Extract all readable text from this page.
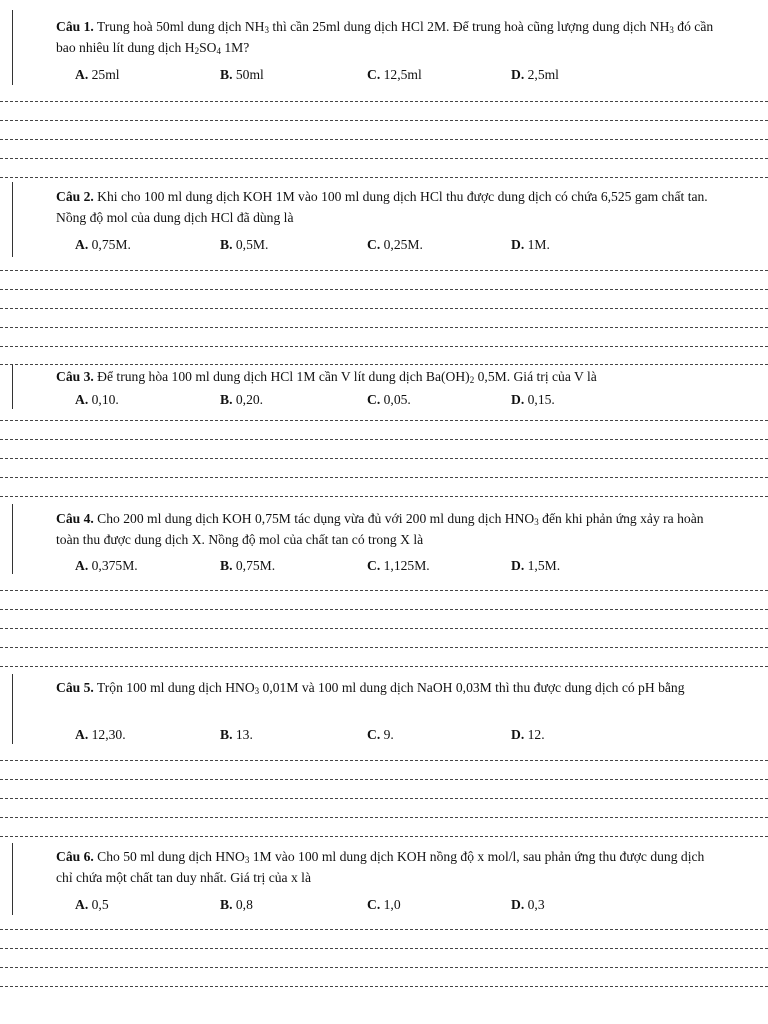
Câu 1. Trung hoà 50ml dung dịch $NH_3$ thì cần 25ml dung dịch HCl 2M. Để trung hoà cũng lượng dung dịch $NH_3$ đó cần bao nhiêu lít dung dịch $H_2SO_4$ 1M?
A. 25ml	B. 50ml	C. 12,5ml	D. 2,5ml
Câu 2. Khi cho 100 ml dung dịch KOH 1M vào 100 ml dung dịch HCl thu được dung dịch có chứa 6,525 gam chất tan. Nồng độ mol của dung dịch HCl đã dùng là
A. 0,75M.	B. 0,5M.	C. 0,25M.	D. 1M.
Câu 3. Để trung hòa 100 ml dung dịch HCl 1M cần V lít dung dịch $Ba(OH)_2$ 0,5M. Giá trị của V là
A. 0,10.	B. 0,20.	C. 0,05.	D. 0,15.
Câu 4. Cho 200 ml dung dịch KOH 0,75M tác dụng vừa đủ với 200 ml dung dịch $HNO_3$ đến khi phản ứng xảy ra hoàn toàn thu được dung dịch X. Nồng độ mol của chất tan có trong X là
A. 0,375M.	B. 0,75M.	C. 1,125M.	D. 1,5M.
Câu 5. Trộn 100 ml dung dịch $HNO_3$ 0,01M và 100 ml dung dịch NaOH 0,03M thì thu được dung dịch có pH bằng
A. 12,30.	B. 13.	C. 9.	D. 12.
Câu 6. Cho 50 ml dung dịch $HNO_3$ 1M vào 100 ml dung dịch KOH nồng độ x mol/l, sau phản ứng thu được dung dịch chỉ chứa một chất tan duy nhất. Giá trị của x là
A. 0,5	B. 0,8	C. 1,0	D. 0,3
